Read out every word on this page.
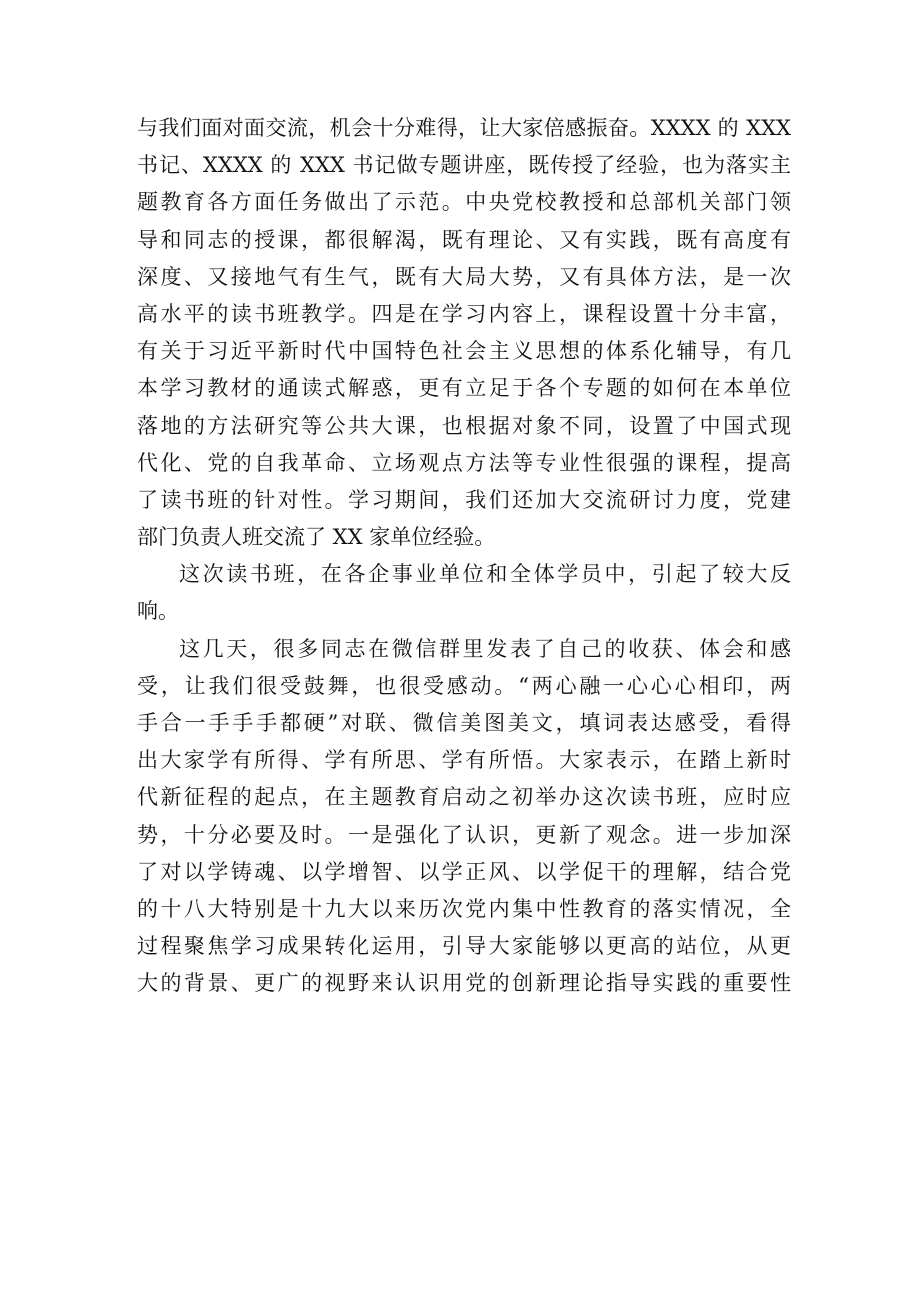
与我们面对面交流，机会十分难得，让大家倍感振奋。XXXX 的 XXX
书记、XXXX 的 XXX 书记做专题讲座，既传授了经验，也为落实主
题教育各方面任务做出了示范。中央党校教授和总部机关部门领
导和同志的授课，都很解渴，既有理论、又有实践，既有高度有
深度、又接地气有生气，既有大局大势，又有具体方法，是一次
高水平的读书班教学。四是在学习内容上，课程设置十分丰富，
有关于习近平新时代中国特色社会主义思想的体系化辅导，有几
本学习教材的通读式解惑，更有立足于各个专题的如何在本单位
落地的方法研究等公共大课，也根据对象不同，设置了中国式现
代化、党的自我革命、立场观点方法等专业性很强的课程，提高
了读书班的针对性。学习期间，我们还加大交流研讨力度，党建
部门负责人班交流了 XX 家单位经验。
这次读书班，在各企事业单位和全体学员中，引起了较大反
响。
这几天，很多同志在微信群里发表了自己的收获、体会和感
受，让我们很受鼓舞，也很受感动。“两心融一心心心相印，两
手合一手手手都硬”对联、微信美图美文，填词表达感受，看得
出大家学有所得、学有所思、学有所悟。大家表示，在踏上新时
代新征程的起点，在主题教育启动之初举办这次读书班，应时应
势，十分必要及时。一是强化了认识，更新了观念。进一步加深
了对以学铸魂、以学增智、以学正风、以学促干的理解，结合党
的十八大特别是十九大以来历次党内集中性教育的落实情况，全
过程聚焦学习成果转化运用，引导大家能够以更高的站位，从更
大的背景、更广的视野来认识用党的创新理论指导实践的重要性
